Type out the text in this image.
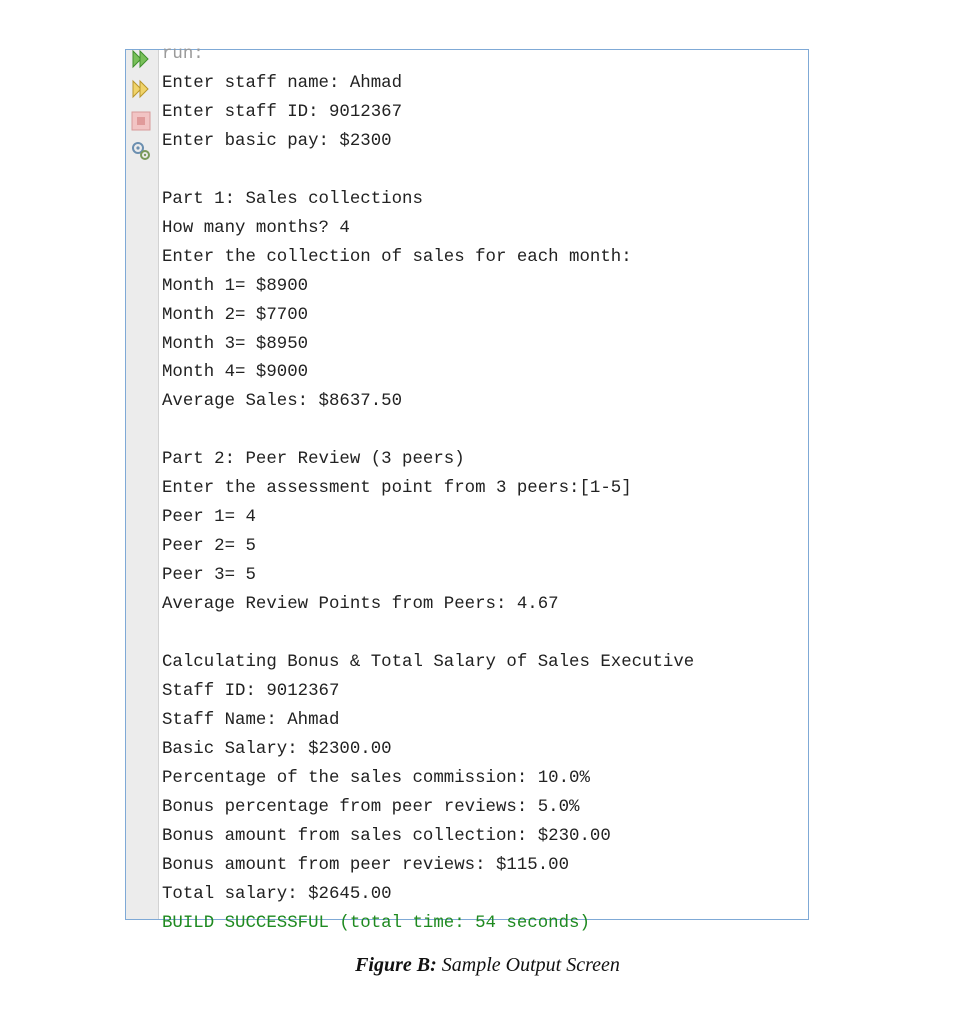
run:
Enter staff name: Ahmad
Enter staff ID: 9012367
Enter basic pay: $2300
Part 1: Sales collections
How many months? 4
Enter the collection of sales for each month:
Month 1= $8900
Month 2= $7700
Month 3= $8950
Month 4= $9000
Average Sales: $8637.50
Part 2: Peer Review (3 peers)
Enter the assessment point from 3 peers:[1-5]
Peer 1= 4
Peer 2= 5
Peer 3= 5
Average Review Points from Peers: 4.67
Calculating Bonus & Total Salary of Sales Executive
Staff ID: 9012367
Staff Name: Ahmad
Basic Salary: $2300.00
Percentage of the sales commission: 10.0%
Bonus percentage from peer reviews: 5.0%
Bonus amount from sales collection: $230.00
Bonus amount from peer reviews: $115.00
Total salary: $2645.00
BUILD SUCCESSFUL (total time: 54 seconds)
Figure B: Sample Output Screen
